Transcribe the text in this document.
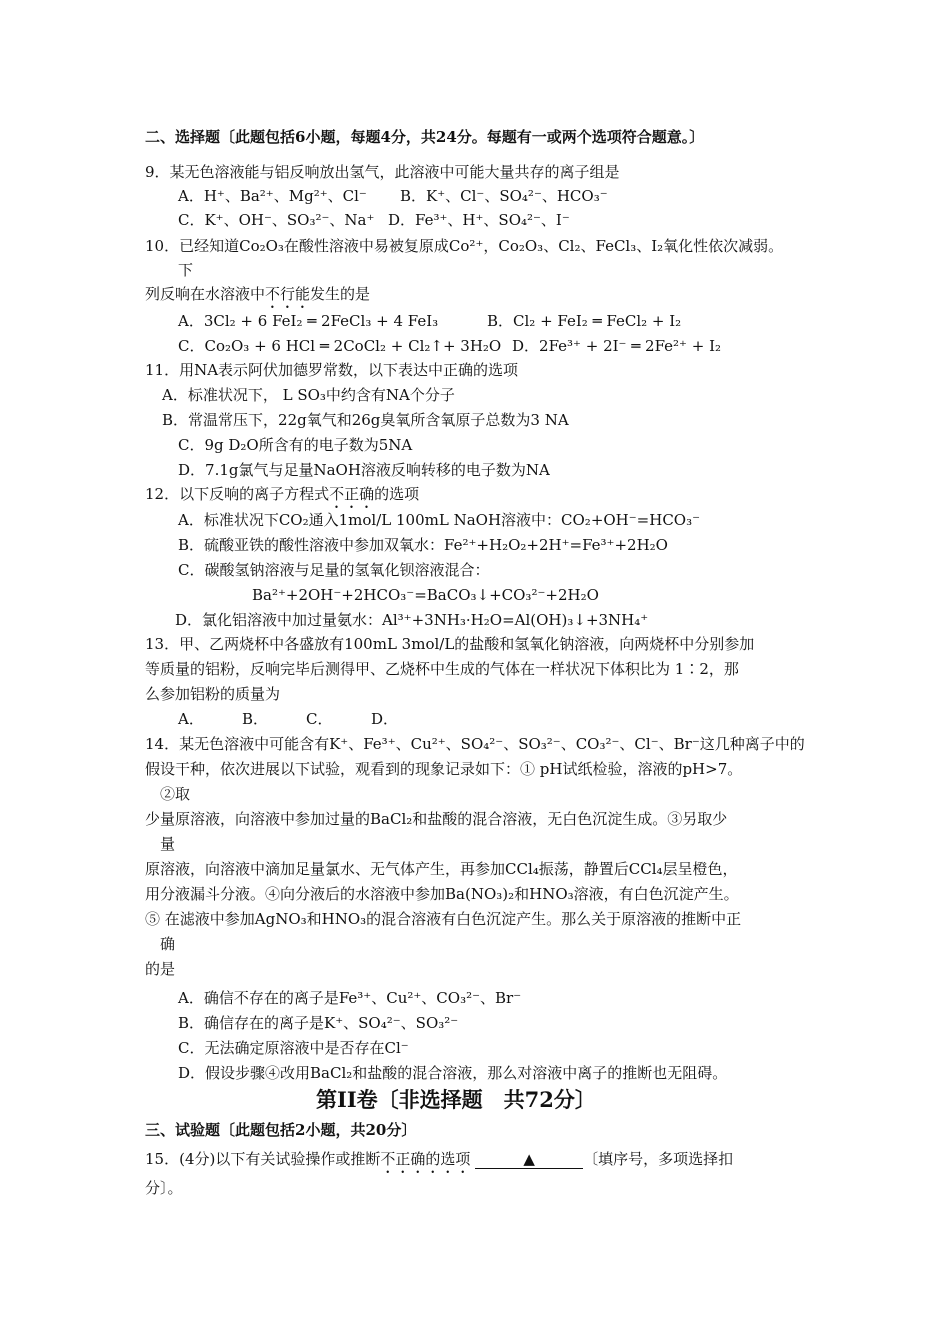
二、选择题〔此题包括6小题，每题4分，共24分。每题有一或两个选项符合题意。〕
9．某无色溶液能与铝反响放出氢气，此溶液中可能大量共存的离子组是
A．H⁺、Ba²⁺、Mg²⁺、Cl⁻ B．K⁺、Cl⁻、SO₄²⁻、HCO₃⁻
C．K⁺、OH⁻、SO₃²⁻、Na⁺ D．Fe³⁺、H⁺、SO₄²⁻、I⁻
10．已经知道Co₂O₃在酸性溶液中易被复原成Co²⁺，Co₂O₃、Cl₂、FeCl₃、I₂氧化性依次减弱。
下
列反响在水溶液中不行能发生的是
A．3Cl₂ + 6 FeI₂ ═ 2FeCl₃ + 4 FeI₃	B．Cl₂ + FeI₂ ═ FeCl₂ + I₂
C．Co₂O₃ + 6 HCl ═ 2CoCl₂ + Cl₂↑+ 3H₂O D．2Fe³⁺ + 2I⁻ ═ 2Fe²⁺ + I₂
11．用NA表示阿伏加德罗常数，以下表达中正确的选项
A．标准状况下， L SO₃中约含有NA个分子
B．常温常压下，22g氧气和26g臭氧所含氧原子总数为3 NA
C．9g D₂O所含有的电子数为5NA
D．7.1g氯气与足量NaOH溶液反响转移的电子数为NA
12．以下反响的离子方程式不正确的选项
A．标准状况下CO₂通入1mol/L 100mL NaOH溶液中：CO₂+OH⁻=HCO₃⁻
B．硫酸亚铁的酸性溶液中参加双氧水：Fe²⁺+H₂O₂+2H⁺=Fe³⁺+2H₂O
C．碳酸氢钠溶液与足量的氢氧化钡溶液混合：
Ba²⁺+2OH⁻+2HCO₃⁻=BaCO₃↓+CO₃²⁻+2H₂O
D．氯化铝溶液中加过量氨水：Al³⁺+3NH₃·H₂O=Al(OH)₃↓+3NH₄⁺
13．甲、乙两烧杯中各盛放有100mL 3mol/L的盐酸和氢氧化钠溶液，向两烧杯中分别参加
等质量的铝粉，反响完毕后测得甲、乙烧杯中生成的气体在一样状况下体积比为 1∶2，那
么参加铝粉的质量为
A．	B．	C．	D．
14．某无色溶液中可能含有K⁺、Fe³⁺、Cu²⁺、SO₄²⁻、SO₃²⁻、CO₃²⁻、Cl⁻、Br⁻这几种离子中的
假设干种，依次进展以下试验，观看到的现象记录如下：① pH试纸检验，溶液的pH>7。
②取
少量原溶液，向溶液中参加过量的BaCl₂和盐酸的混合溶液，无白色沉淀生成。③另取少
量
原溶液，向溶液中滴加足量氯水、无气体产生，再参加CCl₄振荡，静置后CCl₄层呈橙色，
用分液漏斗分液。④向分液后的水溶液中参加Ba(NO₃)₂和HNO₃溶液，有白色沉淀产生。
⑤ 在滤液中参加AgNO₃和HNO₃的混合溶液有白色沉淀产生。那么关于原溶液的推断中正
确
的是
A．确信不存在的离子是Fe³⁺、Cu²⁺、CO₃²⁻、Br⁻
B．确信存在的离子是K⁺、SO₄²⁻、SO₃²⁻
C．无法确定原溶液中是否存在Cl⁻
D．假设步骤④改用BaCl₂和盐酸的混合溶液，那么对溶液中离子的推断也无阻碍。
第II卷〔非选择题　共72分〕
三、试验题〔此题包括2小题，共20分〕
15．(4分)以下有关试验操作或推断不正确的选项	▲	〔填序号，多项选择扣
分〕。
